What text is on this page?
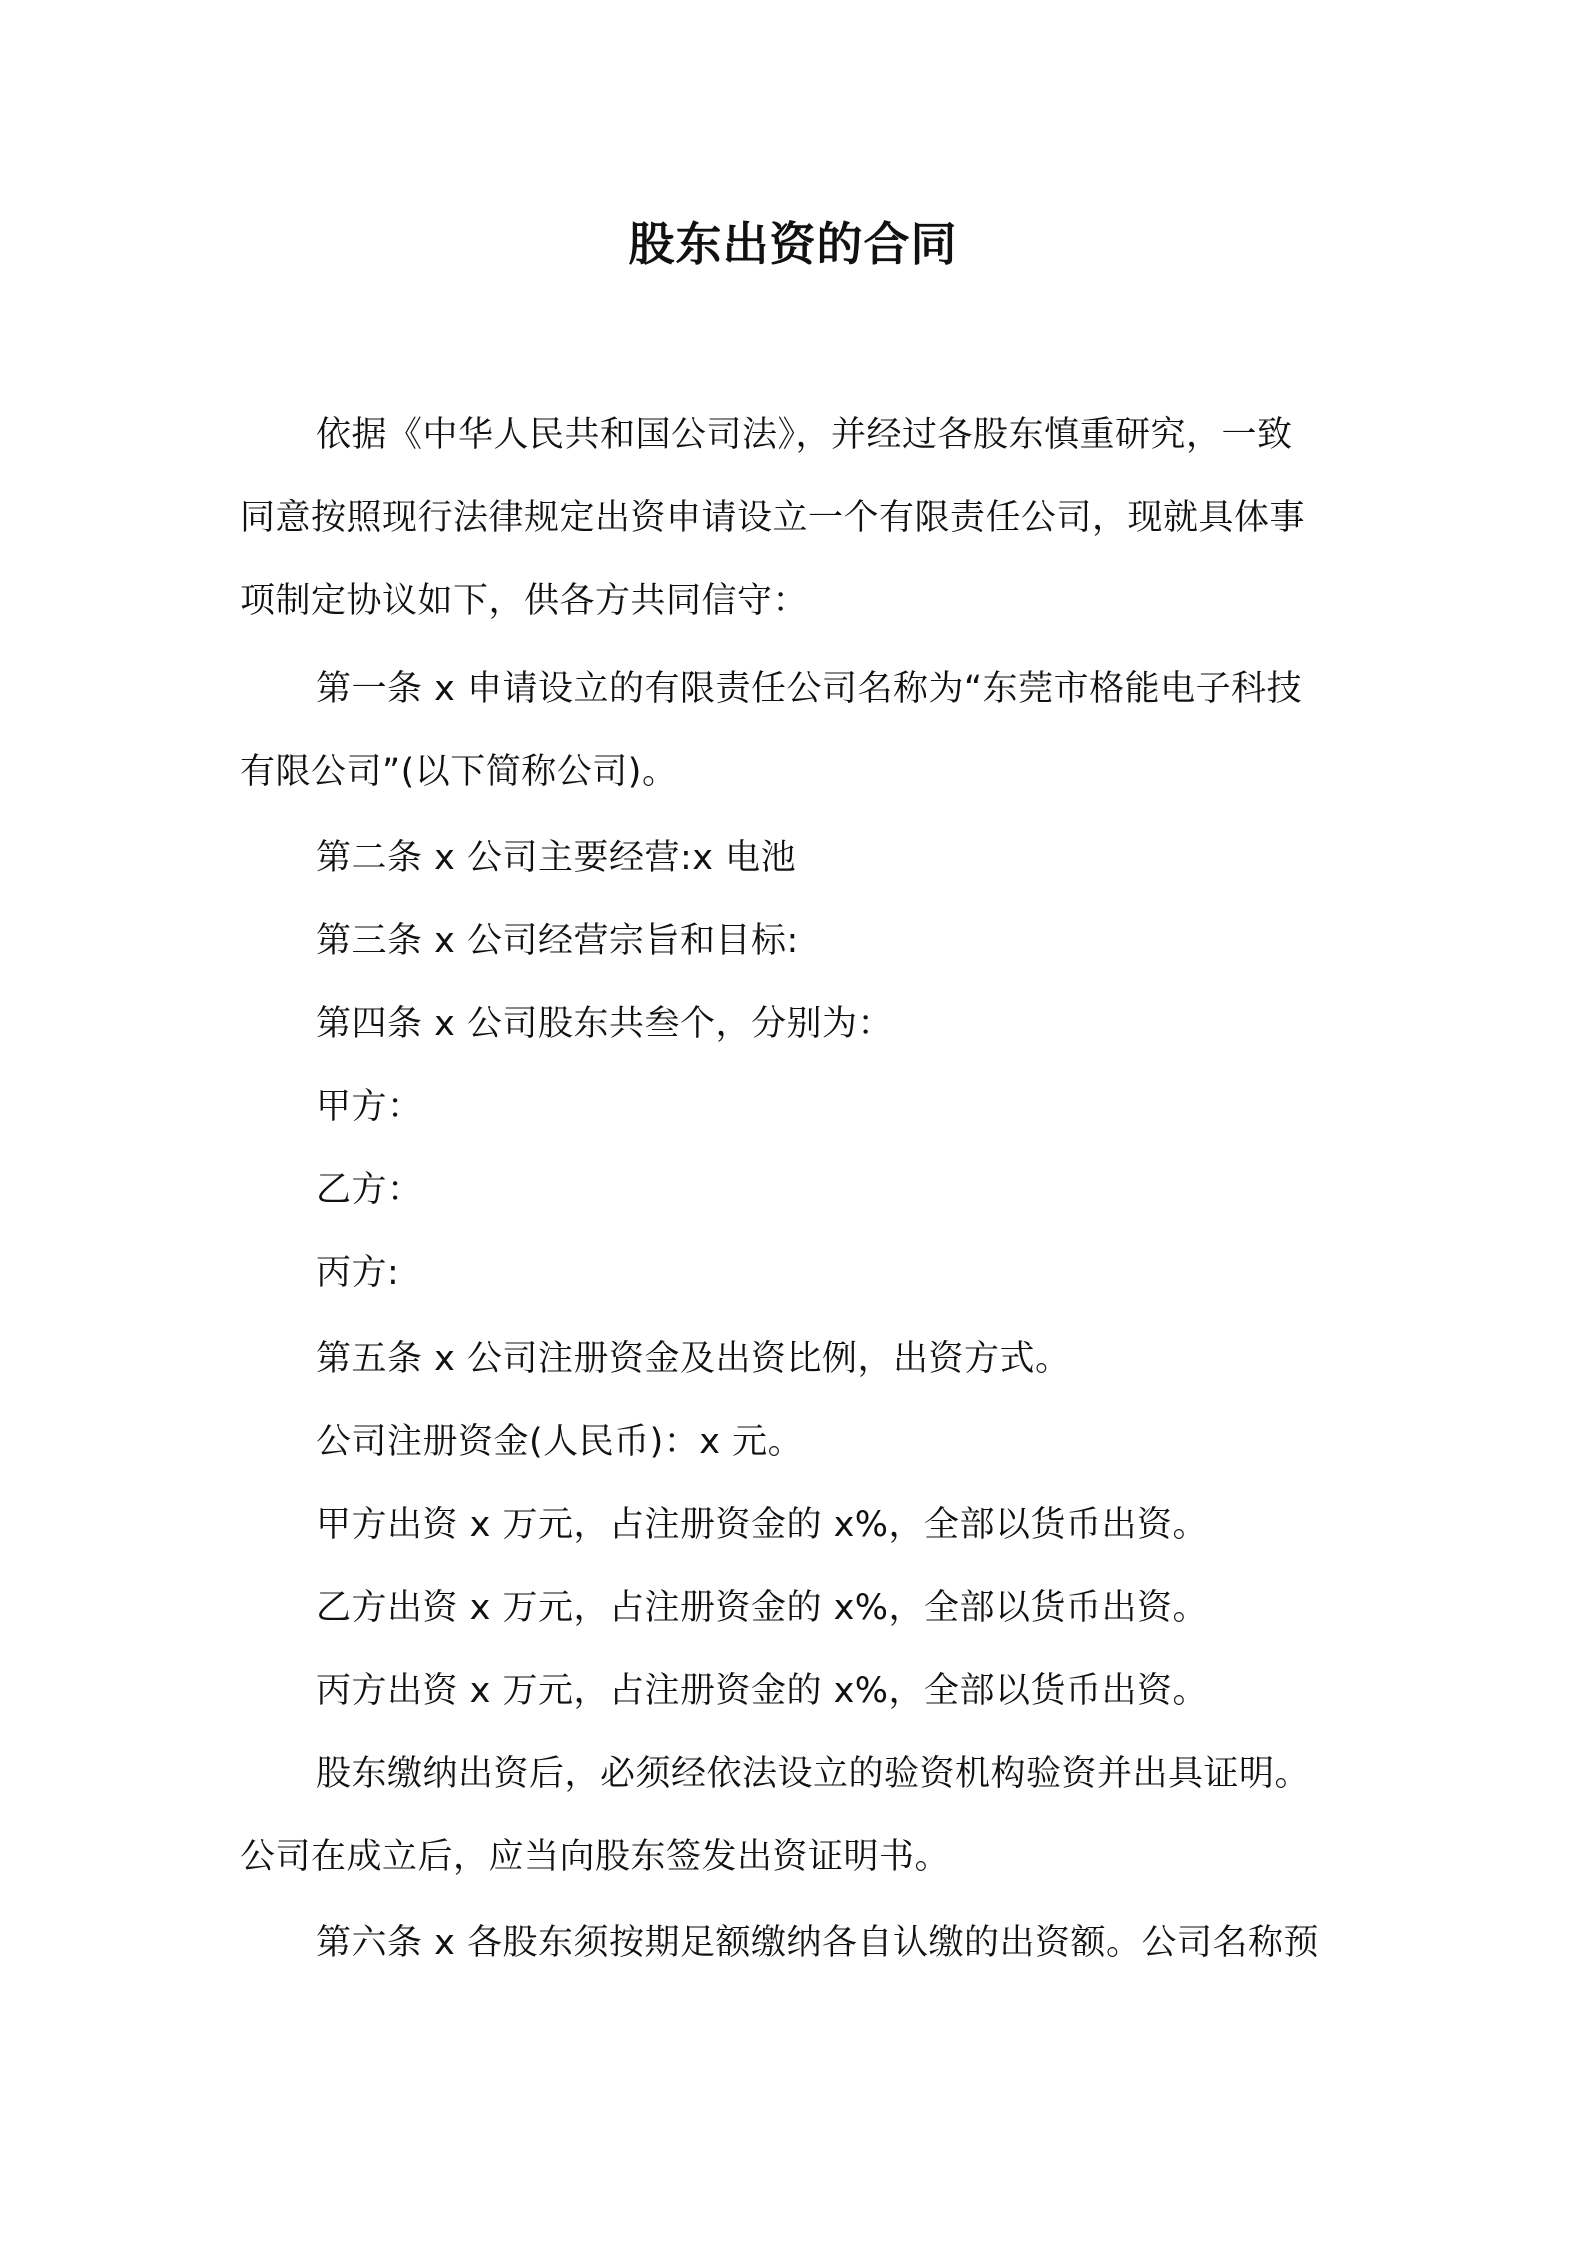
股东出资的合同
依据《中华人民共和国公司法》，并经过各股东慎重研究，一致
同意按照现行法律规定出资申请设立一个有限责任公司，现就具体事
项制定协议如下，供各方共同信守：
第一条 x 申请设立的有限责任公司名称为“东莞市格能电子科技
有限公司”(以下简称公司)。
第二条 x 公司主要经营:x 电池
第三条 x 公司经营宗旨和目标:
第四条 x 公司股东共叁个，分别为：
甲方：
乙方：
丙方:
第五条 x 公司注册资金及出资比例，出资方式。
公司注册资金(人民币)：x 元。
甲方出资 x 万元，占注册资金的 x%，全部以货币出资。
乙方出资 x 万元，占注册资金的 x%，全部以货币出资。
丙方出资 x 万元，占注册资金的 x%，全部以货币出资。
股东缴纳出资后，必须经依法设立的验资机构验资并出具证明。
公司在成立后，应当向股东签发出资证明书。
第六条 x 各股东须按期足额缴纳各自认缴的出资额。公司名称预
